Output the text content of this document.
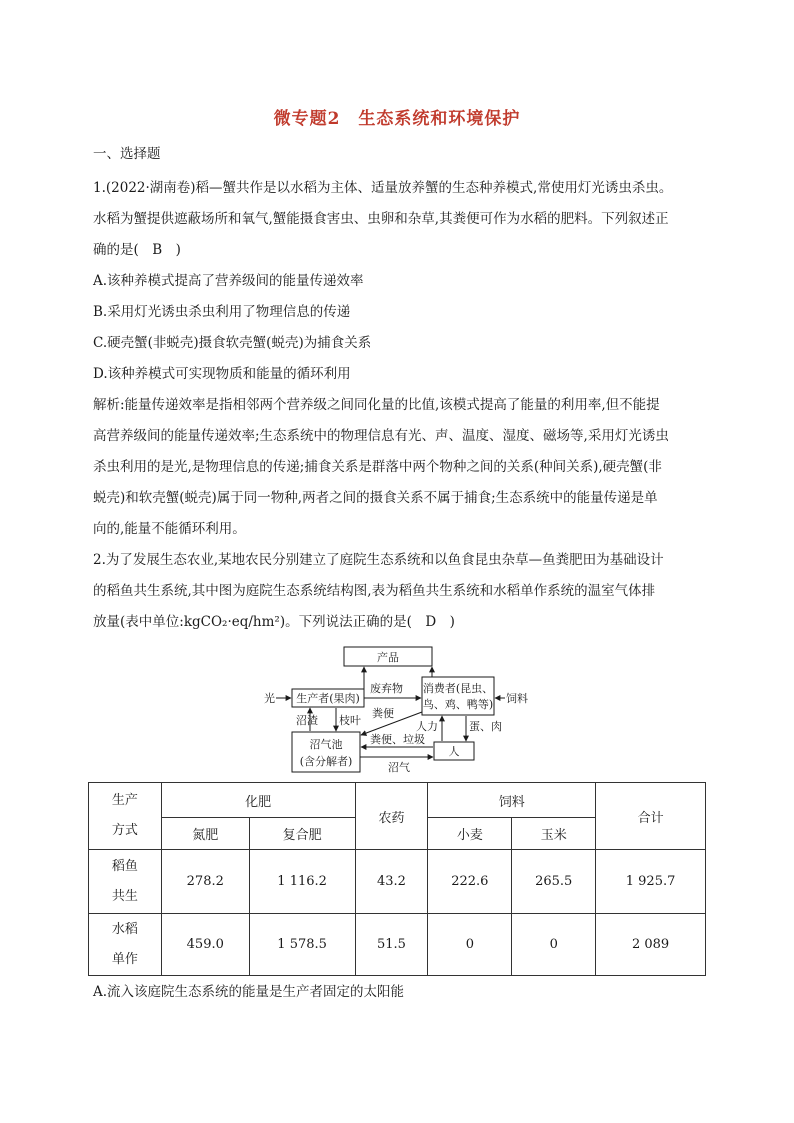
微专题2　生态系统和环境保护
一、选择题
1.(2022·湖南卷)稻—蟹共作是以水稻为主体、适量放养蟹的生态种养模式,常使用灯光诱虫杀虫。
水稻为蟹提供遮蔽场所和氧气,蟹能摄食害虫、虫卵和杂草,其粪便可作为水稻的肥料。下列叙述正
确的是(　B　)
A.该种养模式提高了营养级间的能量传递效率
B.采用灯光诱虫杀虫利用了物理信息的传递
C.硬壳蟹(非蜕壳)摄食软壳蟹(蜕壳)为捕食关系
D.该种养模式可实现物质和能量的循环利用
解析:能量传递效率是指相邻两个营养级之间同化量的比值,该模式提高了能量的利用率,但不能提
高营养级间的能量传递效率;生态系统中的物理信息有光、声、温度、湿度、磁场等,采用灯光诱虫
杀虫利用的是光,是物理信息的传递;捕食关系是群落中两个物种之间的关系(种间关系),硬壳蟹(非
蜕壳)和软壳蟹(蜕壳)属于同一物种,两者之间的摄食关系不属于捕食;生态系统中的能量传递是单
向的,能量不能循环利用。
2.为了发展生态农业,某地农民分别建立了庭院生态系统和以鱼食昆虫杂草—鱼粪肥田为基础设计
的稻鱼共生系统,其中图为庭院生态系统结构图,表为稻鱼共生系统和水稻单作系统的温室气体排
放量(表中单位:kgCO₂·eq/hm²)。下列说法正确的是(　D　)
产品
生产者(果肉)
消费者(昆虫、
鸟、鸡、鸭等)
沼气池
(含分解者)
人
光	饲料
废弃物
粪便
沼渣 枝叶	人力	蛋、肉
粪便、垃圾
沼气
生产
方式	化肥		农药	饲料		合计
	氮肥	复合肥		小麦	玉米	

稻鱼
共生	278.2	1 116.2	43.2	222.6	265.5	1 925.7

水稻
单作	459.0	1 578.5	51.5	0	0	2 089
A.流入该庭院生态系统的能量是生产者固定的太阳能
